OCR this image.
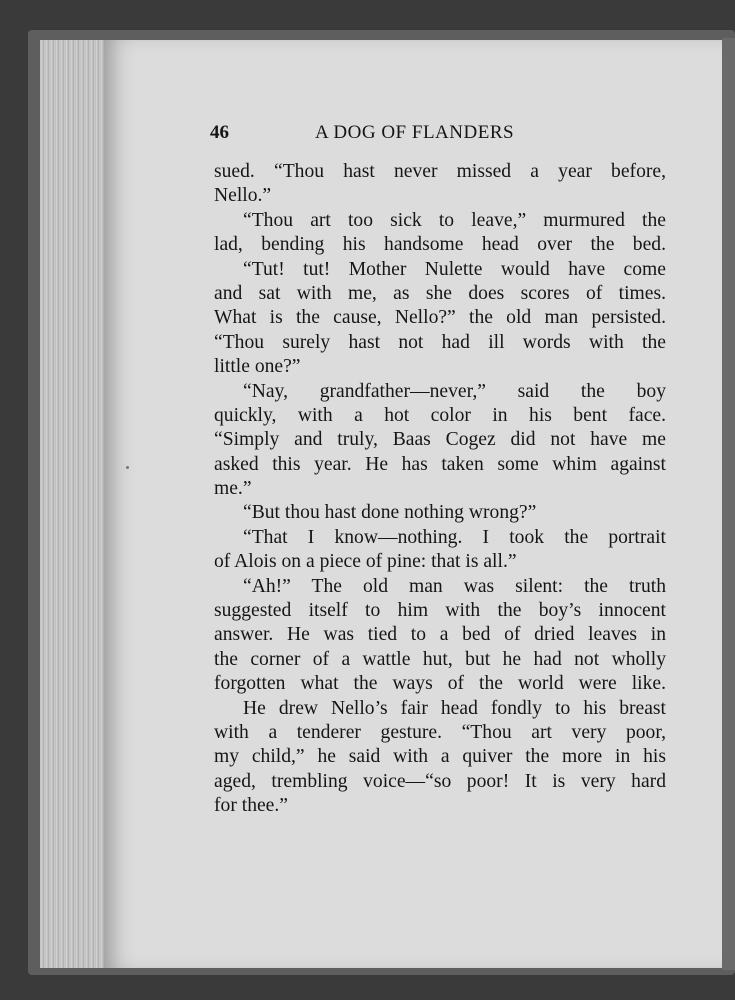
46	A DOG OF FLANDERS
sued. “Thou hast never missed a year before,
Nello.”
“Thou art too sick to leave,” murmured the
lad, bending his handsome head over the bed.
“Tut! tut! Mother Nulette would have come
and sat with me, as she does scores of times.
What is the cause, Nello?” the old man persisted.
“Thou surely hast not had ill words with the
little one?”
“Nay, grandfather—never,” said the boy
quickly, with a hot color in his bent face.
“Simply and truly, Baas Cogez did not have me
asked this year. He has taken some whim against
me.”
“But thou hast done nothing wrong?”
“That I know—nothing. I took the portrait
of Alois on a piece of pine: that is all.”
“Ah!” The old man was silent: the truth
suggested itself to him with the boy’s innocent
answer. He was tied to a bed of dried leaves in
the corner of a wattle hut, but he had not wholly
forgotten what the ways of the world were like.
He drew Nello’s fair head fondly to his breast
with a tenderer gesture. “Thou art very poor,
my child,” he said with a quiver the more in his
aged, trembling voice—“so poor! It is very hard
for thee.”
